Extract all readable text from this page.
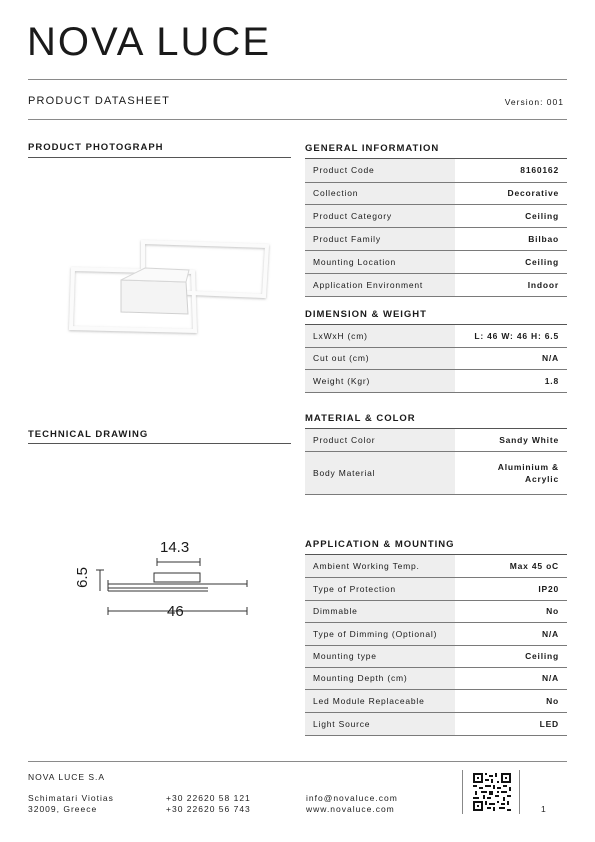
NOVA LUCE
PRODUCT DATASHEET	Version: 001
PRODUCT PHOTOGRAPH
TECHNICAL DRAWING
14.3
6.5
46
GENERAL INFORMATION
Product Code	8160162
Collection	Decorative
Product Category	Ceiling
Product Family	Bilbao
Mounting Location	Ceiling
Application Environment	Indoor
DIMENSION & WEIGHT
LxWxH (cm)	L: 46 W: 46 H: 6.5
Cut out (cm)	N/A
Weight (Kgr)	1.8
MATERIAL & COLOR
Product Color	Sandy White
Body Material	Aluminium & Acrylic
APPLICATION & MOUNTING
Ambient Working Temp.	Max 45 oC
Type of Protection	IP20
Dimmable	No
Type of Dimming (Optional)	N/A
Mounting type	Ceiling
Mounting Depth (cm)	N/A
Led Module Replaceable	No
Light Source	LED
NOVA LUCE S.A
Schimatari Viotias
32009, Greece
+30 22620 58 121
+30 22620 56 743
info@novaluce.com
www.novaluce.com	1
